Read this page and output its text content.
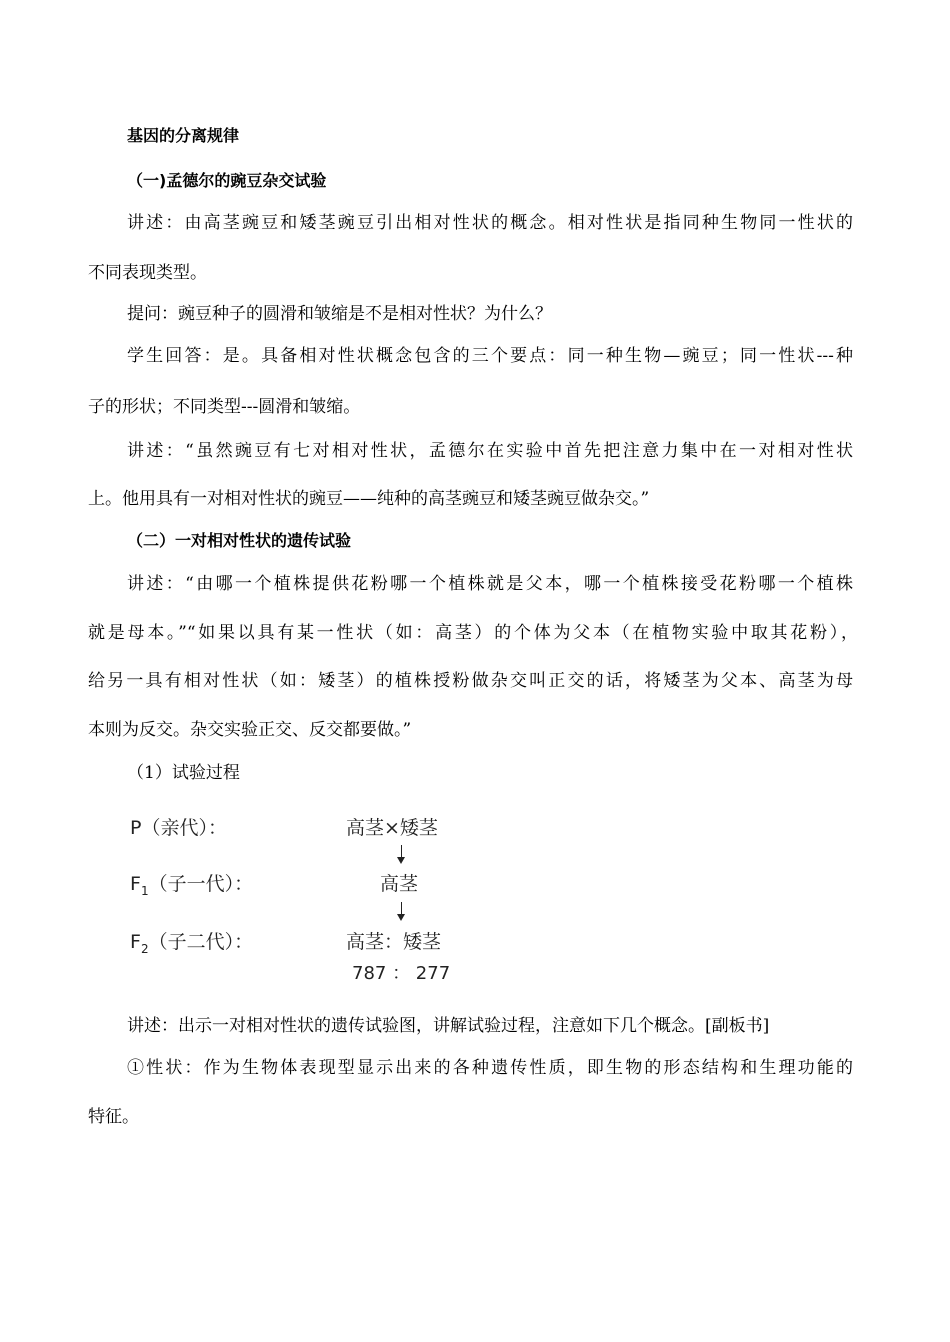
基因的分离规律
（一)孟德尔的豌豆杂交试验
讲述：由高茎豌豆和矮茎豌豆引出相对性状的概念。相对性状是指同种生物同一性状的
不同表现类型。
提问：豌豆种子的圆滑和皱缩是不是相对性状？为什么？
学生回答：是。具备相对性状概念包含的三个要点：同一种生物—豌豆；同一性状---种
子的形状；不同类型---圆滑和皱缩。
讲述：“虽然豌豆有七对相对性状，孟德尔在实验中首先把注意力集中在一对相对性状
上。他用具有一对相对性状的豌豆——纯种的高茎豌豆和矮茎豌豆做杂交。”
（二）一对相对性状的遗传试验
讲述：“由哪一个植株提供花粉哪一个植株就是父本，哪一个植株接受花粉哪一个植株
就是母本。”“如果以具有某一性状（如：高茎）的个体为父本（在植物实验中取其花粉），
给另一具有相对性状（如：矮茎）的植株授粉做杂交叫正交的话，将矮茎为父本、高茎为母
本则为反交。杂交实验正交、反交都要做。”
（1）试验过程
P（亲代）：	高茎×矮茎
$F_1$（子一代）：	高茎
$F_2$（子二代）：	高茎：矮茎
787 ： 277
讲述：出示一对相对性状的遗传试验图，讲解试验过程，注意如下几个概念。[副板书]
①性状：作为生物体表现型显示出来的各种遗传性质，即生物的形态结构和生理功能的
特征。
